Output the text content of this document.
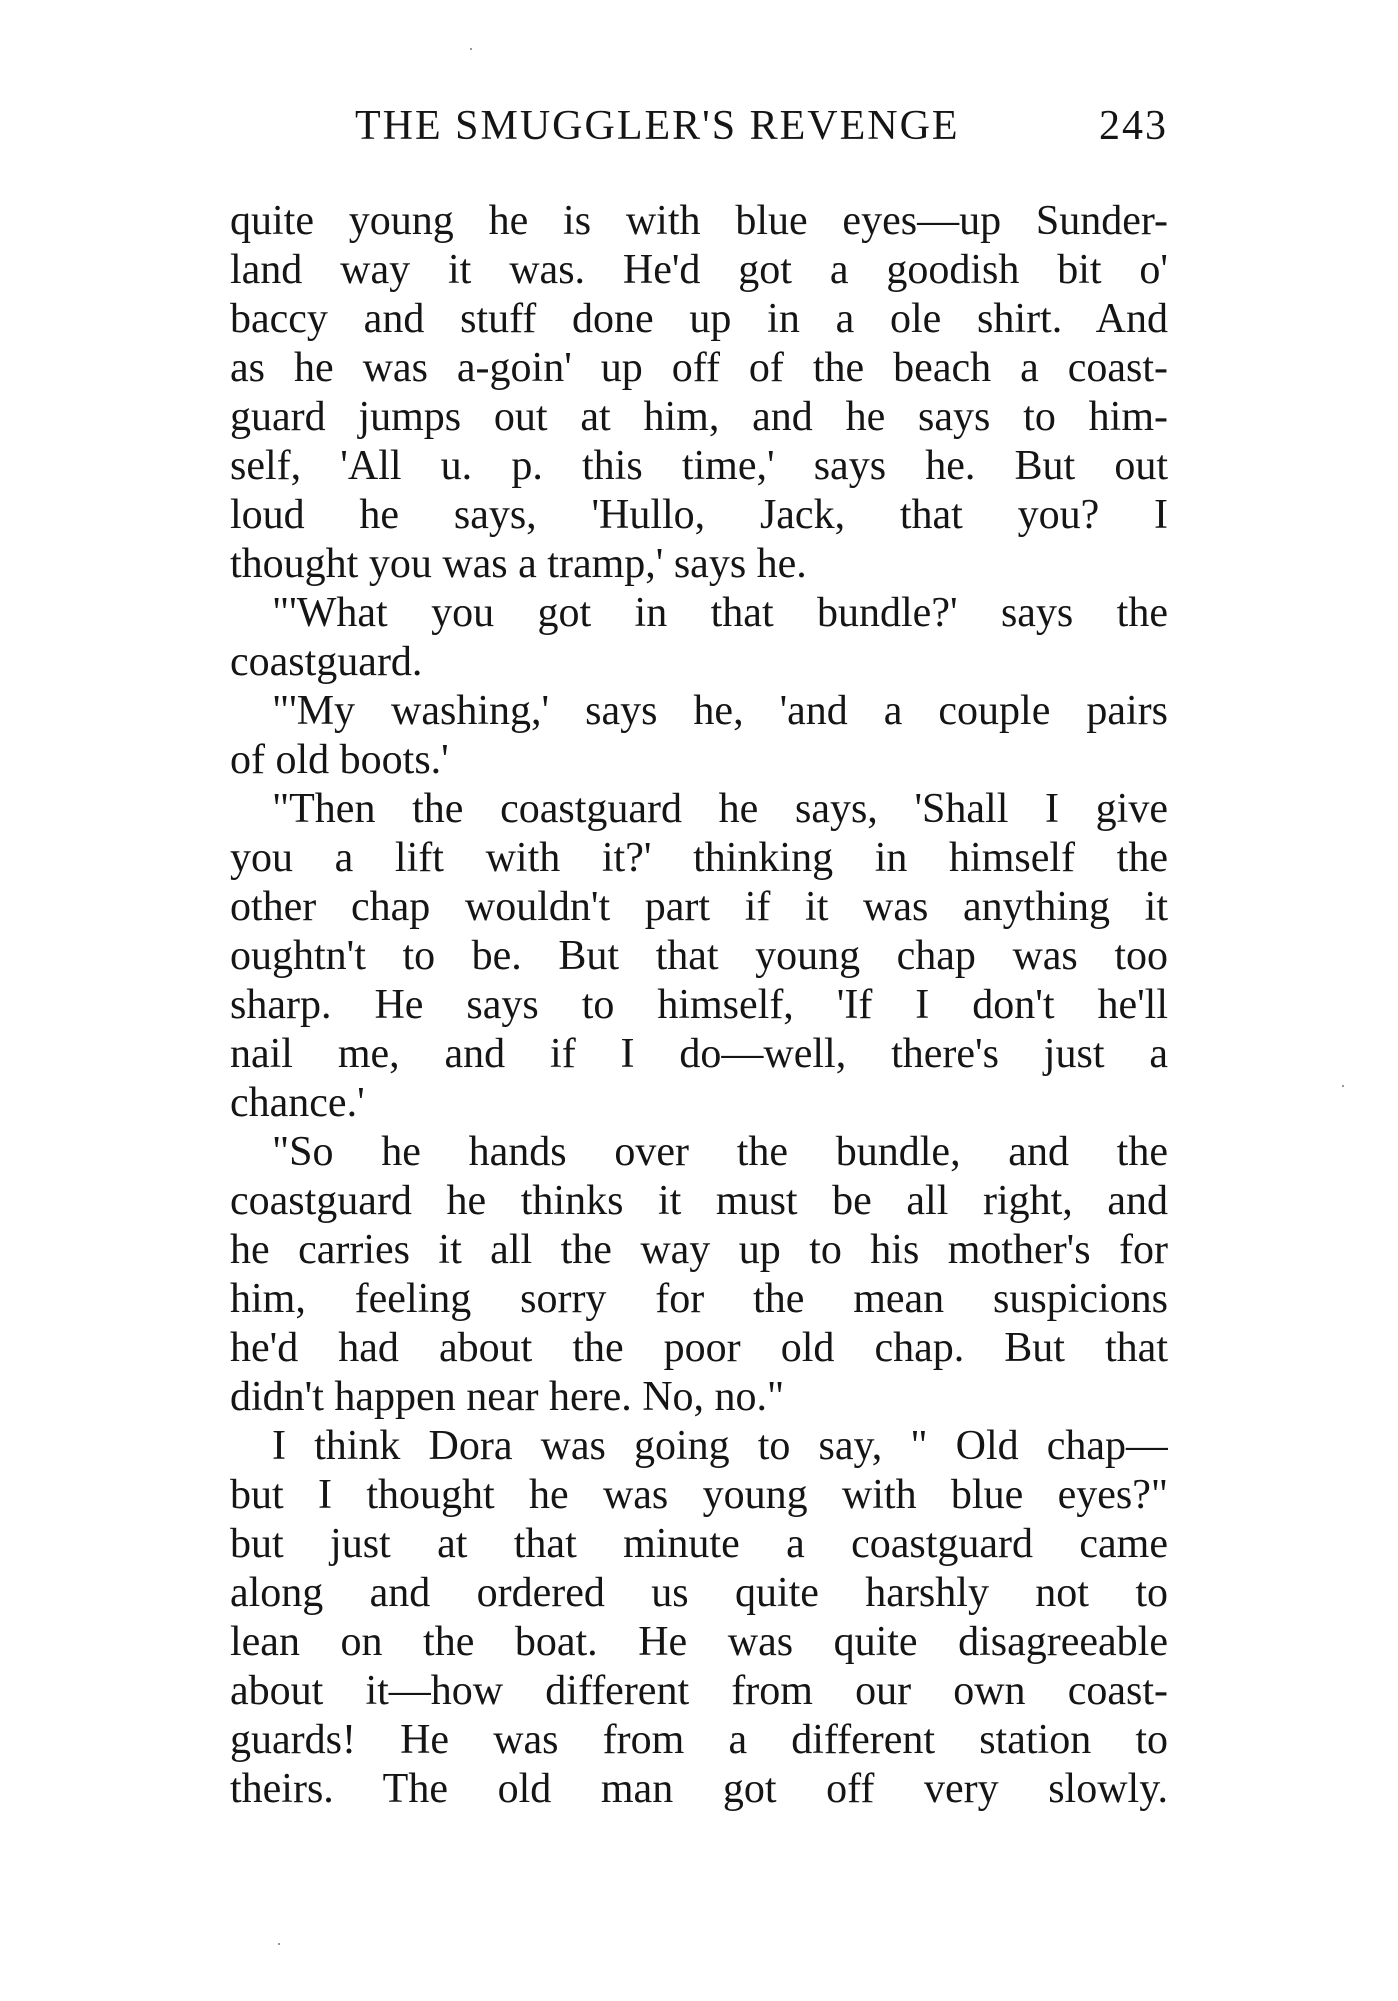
THE SMUGGLER'S REVENGE	243
quite young he is with blue eyes—up Sunder-
land way it was. He'd got a goodish bit o'
baccy and stuff done up in a ole shirt. And
as he was a-goin' up off of the beach a coast-
guard jumps out at him, and he says to him-
self, 'All u. p. this time,' says he. But out
loud he says, 'Hullo, Jack, that you? I
thought you was a tramp,' says he.
"'What you got in that bundle?' says the
coastguard.
"'My washing,' says he, 'and a couple pairs
of old boots.'
"Then the coastguard he says, 'Shall I give
you a lift with it?' thinking in himself the
other chap wouldn't part if it was anything it
oughtn't to be. But that young chap was too
sharp. He says to himself, 'If I don't he'll
nail me, and if I do—well, there's just a
chance.'
"So he hands over the bundle, and the
coastguard he thinks it must be all right, and
he carries it all the way up to his mother's for
him, feeling sorry for the mean suspicions
he'd had about the poor old chap. But that
didn't happen near here. No, no."
I think Dora was going to say, " Old chap—
but I thought he was young with blue eyes?"
but just at that minute a coastguard came
along and ordered us quite harshly not to
lean on the boat. He was quite disagreeable
about it—how different from our own coast-
guards! He was from a different station to
theirs. The old man got off very slowly.
